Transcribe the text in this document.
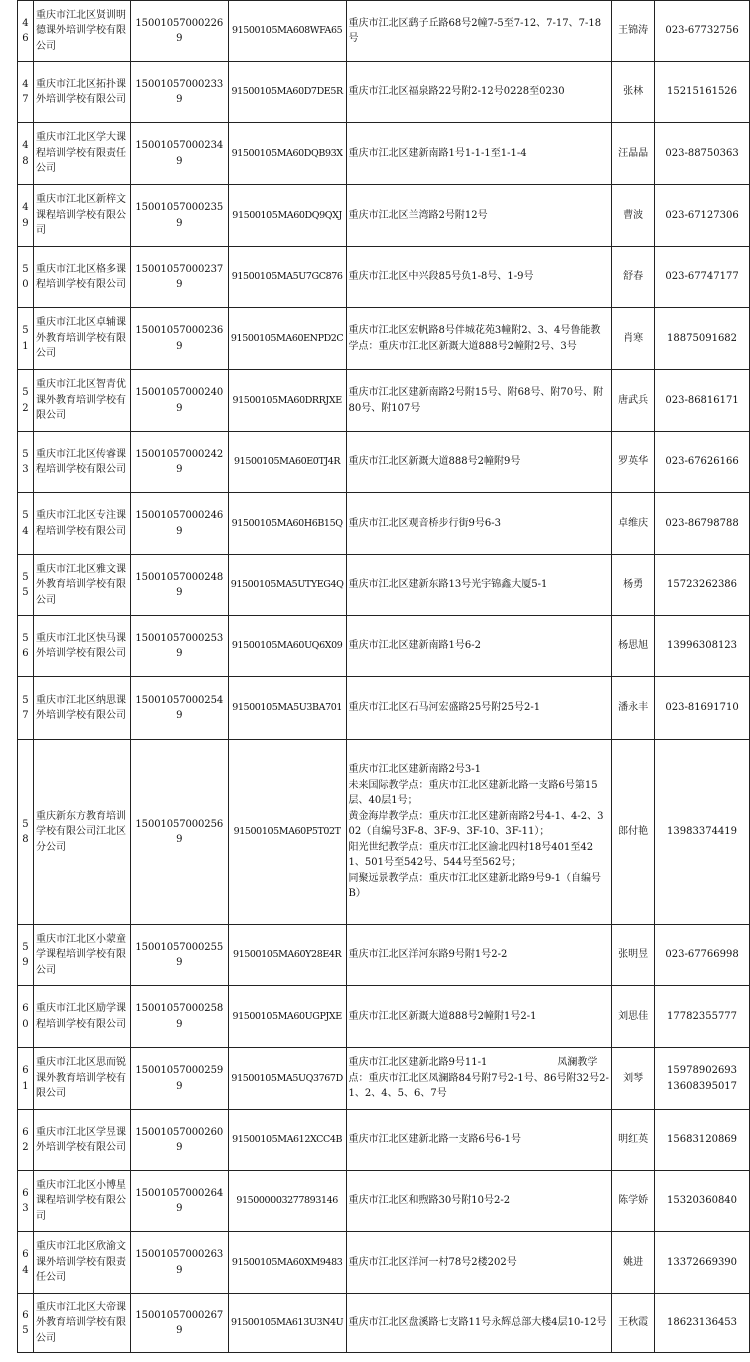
46	重庆市江北区贤训明德课外培训学校有限公司	150010570002269	91500105MA608WFA65	重庆市江北区鹞子丘路68号2幢7-5至7-12、7-17、7-18号	王锦涛	023-67732756

47	重庆市江北区拓扑课外培训学校有限公司	150010570002339	91500105MA60D7DE5R	重庆市江北区福泉路22号附2-12号0228至0230	张林	15215161526

48	重庆市江北区学大课程培训学校有限责任公司	150010570002349	91500105MA60DQB93X	重庆市江北区建新南路1号1-1-1至1-1-4	汪晶晶	023-88750363

49	重庆市江北区新梓文课程培训学校有限公司	150010570002359	91500105MA60DQ9QXJ	重庆市江北区兰湾路2号附12号	曹波	023-67127306

50	重庆市江北区格多课程培训学校有限公司	150010570002379	91500105MA5U7GC876	重庆市江北区中兴段85号负1-8号、1-9号	舒春	023-67747177

51	重庆市江北区卓辅课外教育培训学校有限公司	150010570002369	91500105MA60ENPD2C	重庆市江北区宏帆路8号伴城花苑3幢附2、3、4号鲁能教学点：重庆市江北区新溉大道888号2幢附2号、3号	肖寒	18875091682

52	重庆市江北区智青优课外教育培训学校有限公司	150010570002409	91500105MA60DRRJXE	重庆市江北区建新南路2号附15号、附68号、附70号、附80号、附107号	唐武兵	023-86816171

53	重庆市江北区传睿课程培训学校有限公司	150010570002429	91500105MA60E0TJ4R	重庆市江北区新溉大道888号2幢附9号	罗英华	023-67626166

54	重庆市江北区专注课程培训学校有限公司	150010570002469	91500105MA60H6B15Q	重庆市江北区观音桥步行街9号6-3	卓维庆	023-86798788

55	重庆市江北区雅文课外教育培训学校有限公司	150010570002489	91500105MA5UTYEG4Q	重庆市江北区建新东路13号光宇锦鑫大厦5-1	杨勇	15723262386

56	重庆市江北区快马课外培训学校有限公司	150010570002539	91500105MA60UQ6X09	重庆市江北区建新南路1号6-2	杨思旭	13996308123

57	重庆市江北区纳思课外培训学校有限公司	150010570002549	91500105MA5U3BA701	重庆市江北区石马河宏盛路25号附25号2-1	潘永丰	023-81691710

58	重庆新东方教育培训学校有限公司江北区分公司	150010570002569	91500105MA60P5T02T	重庆市江北区建新南路2号3-1
未来国际教学点：重庆市江北区建新北路一支路6号第15层、40层1号；
黄金海岸教学点：重庆市江北区建新南路2号4-1、4-2、302（自编号3F-8、3F-9、3F-10、3F-11）；
阳光世纪教学点：重庆市江北区渝北四村18号401至421、501号至542号、544号至562号；
同聚远景教学点：重庆市江北区建新北路9号9-1（自编号B）	郎付艳	13983374419

59	重庆市江北区小蒙童学课程培训学校有限公司	150010570002559	91500105MA60Y28E4R	重庆市江北区洋河东路9号附1号2-2	张明昱	023-67766998

60	重庆市江北区励学课程培训学校有限公司	150010570002589	91500105MA60UGPJXE	重庆市江北区新溉大道888号2幢附1号2-1	刘思佳	17782355777

61	重庆市江北区思而锐课外教育培训学校有限公司	150010570002599	91500105MA5UQ3767D	重庆市江北区建新北路9号11-1　　　　　　　凤澜教学点：重庆市江北区凤澜路84号附7号2-1号、86号附32号2-1、2、4、5、6、7号	刘琴	15978902693
13608395017

62	重庆市江北区学昱课外培训学校有限公司	150010570002609	91500105MA612XCC4B	重庆市江北区建新北路一支路6号6-1号	明红英	15683120869

63	重庆市江北区小博星课程培训学校有限公司	150010570002649	915000003277893146	重庆市江北区和煦路30号附10号2-2	陈学娇	15320360840

64	重庆市江北区欣渝文课外培训学校有限责任公司	150010570002639	91500105MA60XM9483	重庆市江北区洋河一村78号2楼202号	姚进	13372669390

65	重庆市江北区大帝课外教育培训学校有限公司	150010570002679	91500105MA613U3N4U	重庆市江北区盘溪路七支路11号永辉总部大楼4层10-12号	王秋霞	18623136453
